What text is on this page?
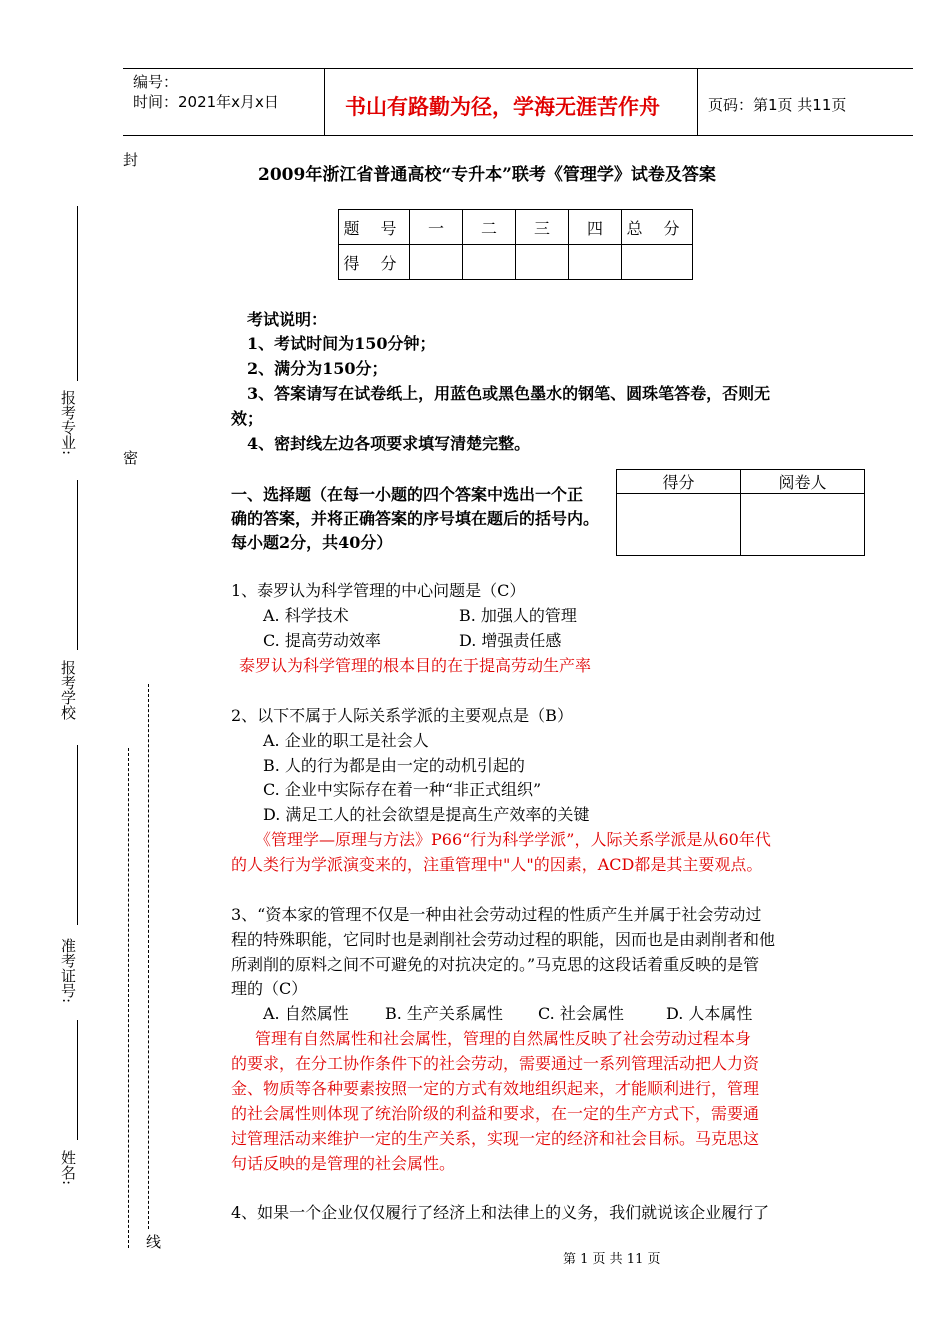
编号：
时间：2021年x月x日	书山有路勤为径，学海无涯苦作舟	页码：第1页 共11页
2009年浙江省普通高校“专升本”联考《管理学》试卷及答案
题 号	一	二	三	四	总 分
得 分					
考试说明：
1、考试时间为150分钟；
2、满分为150分；
3、答案请写在试卷纸上，用蓝色或黑色墨水的钢笔、圆珠笔答卷，否则无
效；
4、密封线左边各项要求填写清楚完整。
一、选择题（在每一小题的四个答案中选出一个正
确的答案，并将正确答案的序号填在题后的括号内。
每小题2分，共40分）
得分	阅卷人

1、泰罗认为科学管理的中心问题是（C）
A. 科学技术	B. 加强人的管理
C. 提高劳动效率	D. 增强责任感
泰罗认为科学管理的根本目的在于提高劳动生产率
2、以下不属于人际关系学派的主要观点是（B）
A. 企业的职工是社会人
B. 人的行为都是由一定的动机引起的
C. 企业中实际存在着一种“非正式组织”
D. 满足工人的社会欲望是提高生产效率的关键
《管理学—原理与方法》P66“行为科学学派”，人际关系学派是从60年代
的人类行为学派演变来的，注重管理中"人"的因素，ACD都是其主要观点。
3、“资本家的管理不仅是一种由社会劳动过程的性质产生并属于社会劳动过
程的特殊职能，它同时也是剥削社会劳动过程的职能，因而也是由剥削者和他
所剥削的原料之间不可避免的对抗决定的。”马克思的这段话着重反映的是管
理的（C）
A. 自然属性 B. 生产关系属性 C. 社会属性	D. 人本属性
管理有自然属性和社会属性，管理的自然属性反映了社会劳动过程本身
的要求，在分工协作条件下的社会劳动，需要通过一系列管理活动把人力资
金、物质等各种要素按照一定的方式有效地组织起来，才能顺利进行，管理
的社会属性则体现了统治阶级的利益和要求，在一定的生产方式下，需要通
过管理活动来维护一定的生产关系，实现一定的经济和社会目标。马克思这
句话反映的是管理的社会属性。
4、如果一个企业仅仅履行了经济上和法律上的义务，我们就说该企业履行了
封
密
线
报考专业:
报考学校
准考证号:
姓名:
第 1 页 共 11 页
